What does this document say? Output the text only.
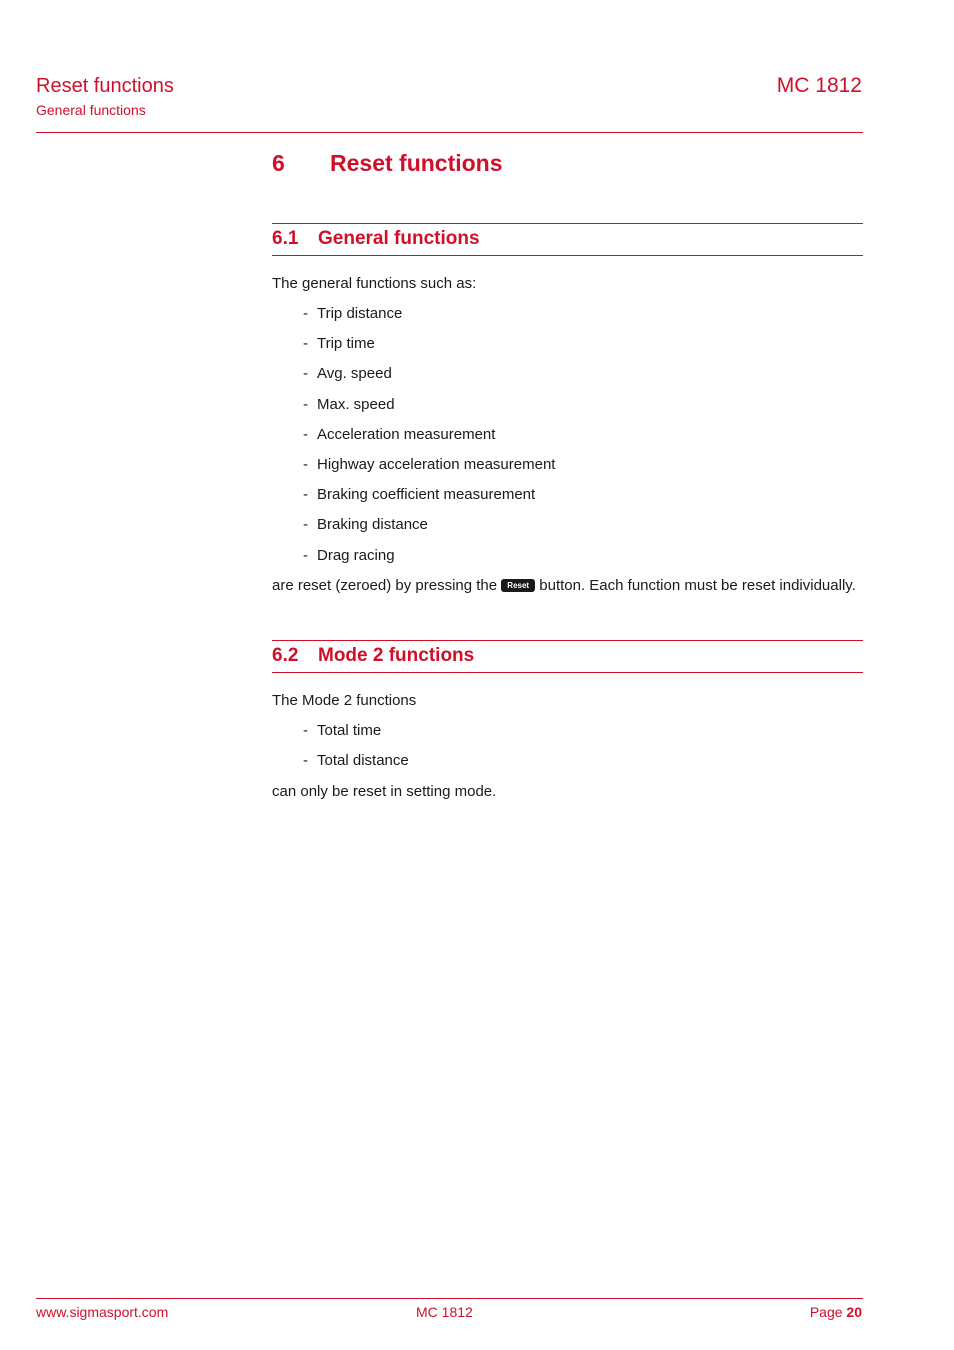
Reset functions
General functions
MC 1812
6	Reset functions
6.1	General functions

The general functions such as:

- Trip distance
- Trip time
- Avg. speed
- Max. speed
- Acceleration measurement
- Highway acceleration measurement
- Braking coefficient measurement
- Braking distance
- Drag racing

are reset (zeroed) by pressing the Reset button. Each function must be reset individually.

6.2	Mode 2 functions

The Mode 2 functions

- Total time
- Total distance

can only be reset in setting mode.

www.sigmasport.com	MC 1812	Page 20
